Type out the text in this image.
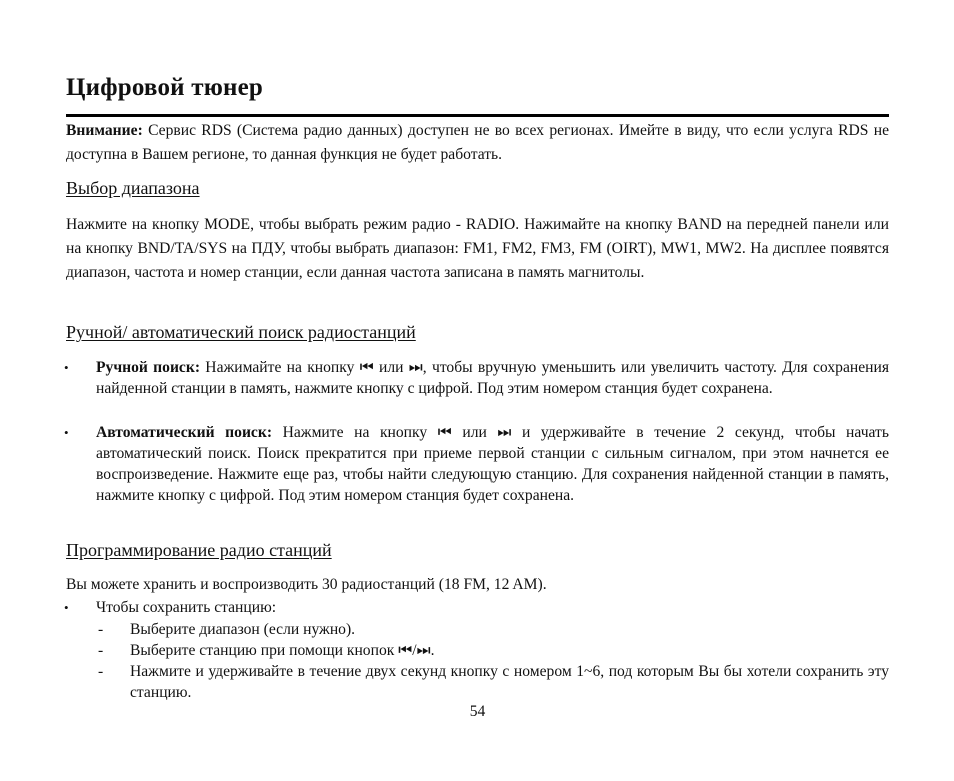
Цифровой тюнер
Внимание: Сервис RDS (Система радио данных) доступен не во всех регионах. Имейте в виду, что если услуга RDS не доступна в Вашем регионе, то данная функция не будет работать.
Выбор диапазона
Нажмите на кнопку MODE, чтобы выбрать режим радио - RADIO. Нажимайте на кнопку BAND на передней панели или на кнопку BND/TA/SYS на ПДУ, чтобы выбрать диапазон: FM1, FM2, FM3, FM (OIRT), MW1, MW2. На дисплее появятся диапазон, частота и номер станции, если данная частота записана в память магнитолы.
Ручной/ автоматический поиск радиостанций
• Ручной поиск: Нажимайте на кнопку ⏮ или ⏭, чтобы вручную уменьшить или увеличить частоту. Для сохранения найденной станции в память, нажмите кнопку с цифрой. Под этим номером станция будет сохранена.
• Автоматический поиск: Нажмите на кнопку ⏮ или ⏭ и удерживайте в течение 2 секунд, чтобы начать автоматический поиск. Поиск прекратится при приеме первой станции с сильным сигналом, при этом начнется ее воспроизведение. Нажмите еще раз, чтобы найти следующую станцию. Для сохранения найденной станции в память, нажмите кнопку с цифрой. Под этим номером станция будет сохранена.
Программирование радио станций
Вы можете хранить и воспроизводить 30 радиостанций (18 FM, 12 AM).
• Чтобы сохранить станцию:
- Выберите диапазон (если нужно).
- Выберите станцию при помощи кнопок ⏮/⏭.
- Нажмите и удерживайте в течение двух секунд кнопку с номером 1~6, под которым Вы бы хотели сохранить эту станцию.
54
